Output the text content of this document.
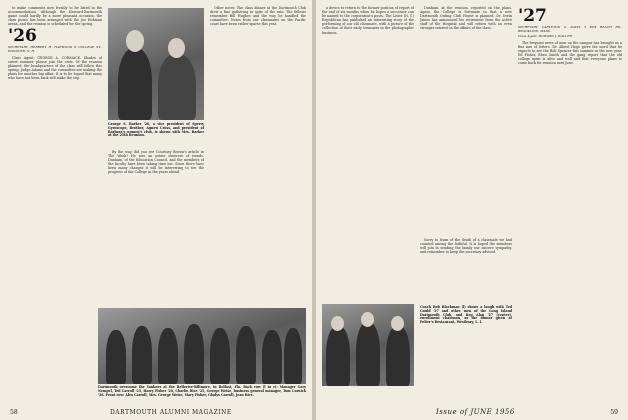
to make comments now freshly to be listed in the accommodations. Although the Harvard-Dartmouth game could hardly be a more pleasant occasion, the class picnic has been arranged with the Joe Hohman arena, and the reunion is scheduled for the spring.

'26
SECRETARY, HERBERT H. HARWOOD 8 COLLEGE ST., HANOVER, N. H.

Class Agent, GEORGE A. CORMACK. Shades of sweet summer, please join the crew. Of the reunion planned, the headquarters of the class will follow this spring. Judge Adams and the committee are making the plans for another big affair. It is to be hoped that many who have not been back will make the trip.

George S. Barker '26, a vice president of Sperry Gyroscope, Brother, Agnew Cross, and president of Barbara's women's club, is shown with Mrs. Barker at the 25th Reunion.

By the way, did you see Courtney Brown's article in The Week? He was an astute observer of trends. Dunham, of the Education Council, and the members of the faculty have been taking time out. Since there have been many changes it will be interesting to see the progress of the College in the years ahead.

Other notes: The class dinner at the Dartmouth Club drew a fine gathering in spite of the rain. The fellows remember Bill Hughes and the way he handled the committee. Notes from our classmates on the Pacific coast have been rather sparse this year.

Dartmouth overcome the Yankees at the Bellerive-Biltmore, in Belfast, Fla. Back row (l to r): Manager Gary Nempel, Ted Carroll '25, Harry Fisher '20, Charlie Rice '25, George Weise, business general manager, Tom Cornick '26. Front row: Alex Carroll, Mrs. George Weise, Mary Fisher, Gladys Carroll, Jean Rice.
58	DARTMOUTH ALUMNI MAGAZINE

a device to return to the former position of report of the end of six months when he hopes a successor can be named to the corporation's posts. The Lister (N. Y.) Republican has published an interesting story of the performing of our old classmate, with a picture of the collection of their early treasures in the photographic business.

Dunham, at the reunion, reported on the plans. Again, the College is fortunate in that a new Dartmouth Outing Club House is planned. Dr. Irwin James has announced his retirement from the active staff of the Hospital and will return with an even stronger interest in the affairs of the class.

Sorry to learn of the death of a classmate we had counted among the faithful. It is hoped the members will join in sending the family our sincere sympathy, and remember to keep the secretary advised.

'27
SECRETARY, CARLETON S. DAVIS 3 BOX BEACH RD., BROOKLINE, MASS.
Class Agent, HOWARD J. WALLER

The frequent news of men on the campus has brought us a fine mix of letters. Dr. Albert Hoge gives the word that he expects to see the Bob Spencer this summer in the new year. Ed Fisher, Eben Smith and the gang report that the old college spirit is alive and well and that everyone plans to come back for reunion next June.

Coach Bob Blackman (l) shows a laugh with Ted Gould '27 and other men of the Long Island Dartmouth Club, and Reg Alan '27 (center), enrollment chairman, as the dinner given at Pelter's Restaurant, Westbury, L. I.
Issue of JUNE 1956	59
